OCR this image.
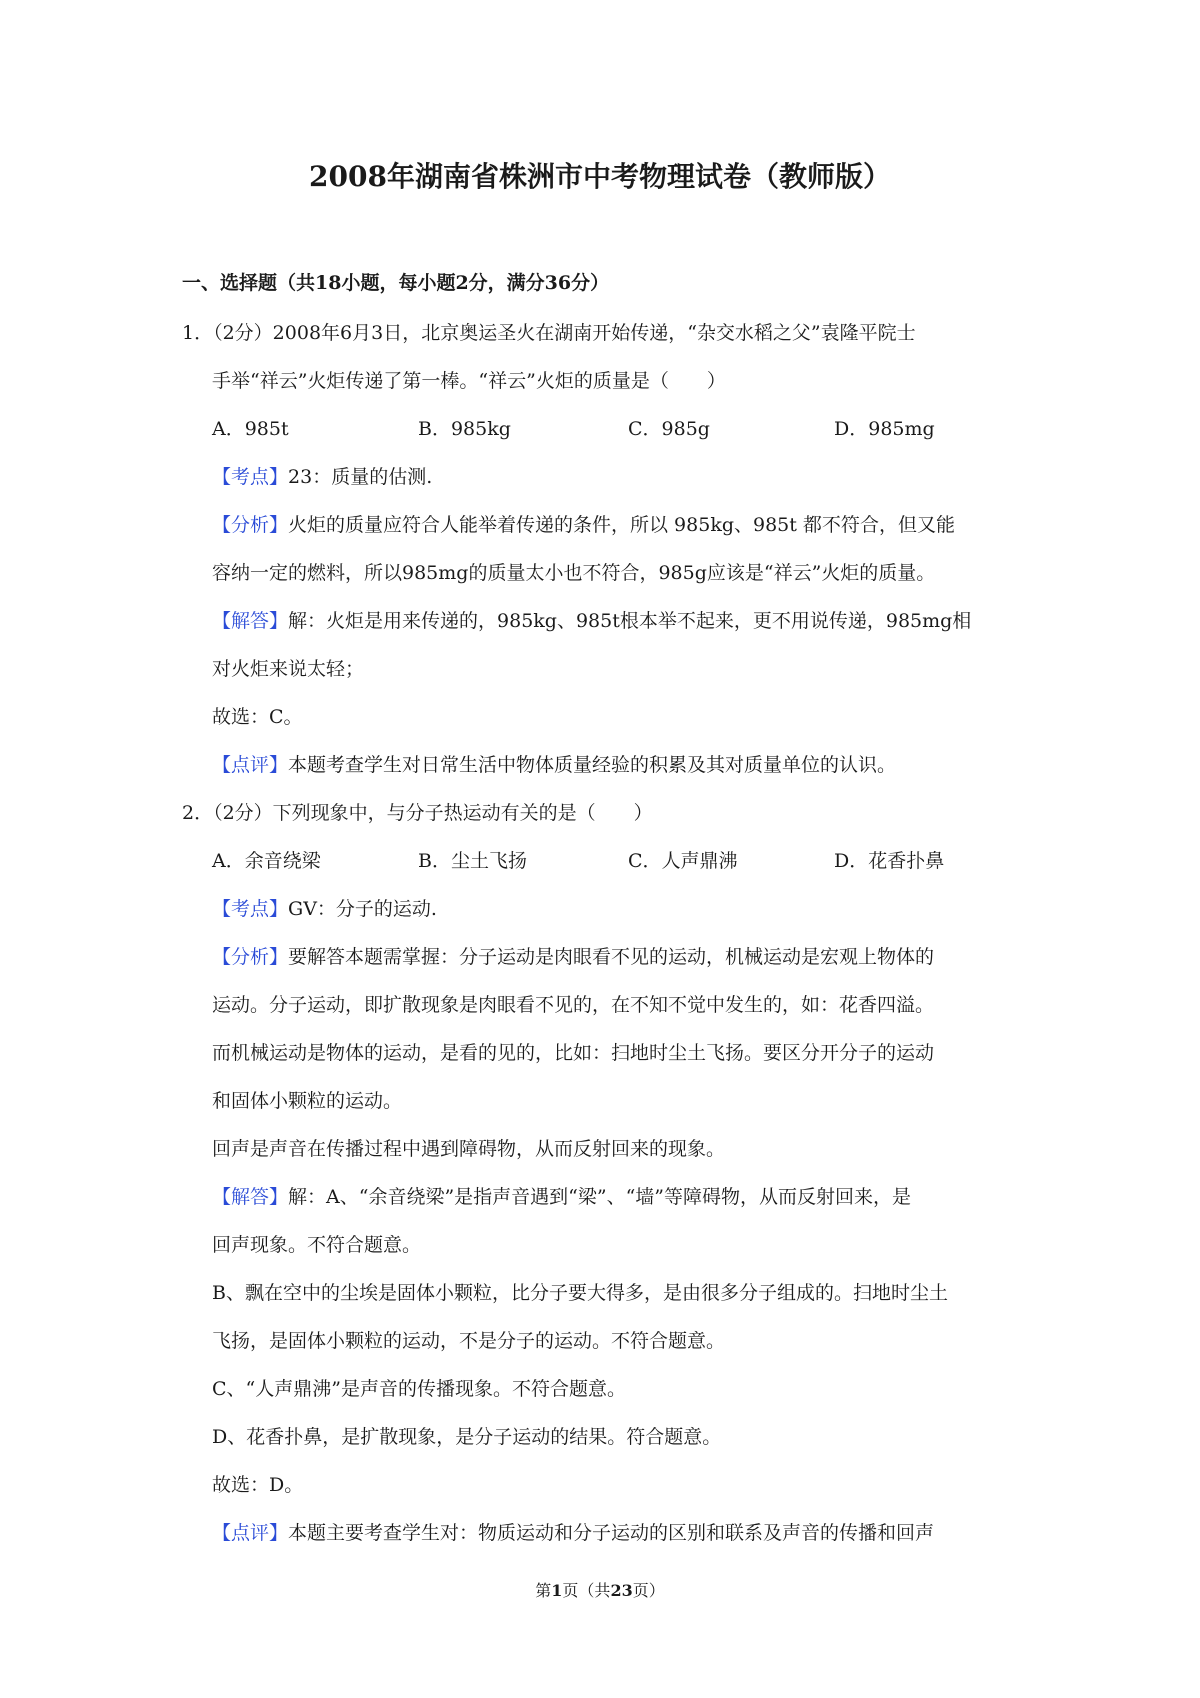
2008年湖南省株洲市中考物理试卷（教师版）
一、选择题（共18小题，每小题2分，满分36分）
1．（2分）2008年6月3日，北京奥运圣火在湖南开始传递，“杂交水稻之父”袁隆平院士
手举“祥云”火炬传递了第一棒。“祥云”火炬的质量是（　　）
A．985t	B．985kg	C．985g	D．985mg
【考点】23：质量的估测.
【分析】火炬的质量应符合人能举着传递的条件，所以 985kg、985t 都不符合，但又能
容纳一定的燃料，所以985mg的质量太小也不符合，985g应该是“祥云”火炬的质量。
【解答】解：火炬是用来传递的，985kg、985t根本举不起来，更不用说传递，985mg相
对火炬来说太轻；
故选：C。
【点评】本题考查学生对日常生活中物体质量经验的积累及其对质量单位的认识。
2．（2分）下列现象中，与分子热运动有关的是（　　）
A．余音绕梁	B．尘土飞扬	C．人声鼎沸	D．花香扑鼻
【考点】GV：分子的运动.
【分析】要解答本题需掌握：分子运动是肉眼看不见的运动，机械运动是宏观上物体的
运动。分子运动，即扩散现象是肉眼看不见的，在不知不觉中发生的，如：花香四溢。
而机械运动是物体的运动，是看的见的，比如：扫地时尘土飞扬。要区分开分子的运动
和固体小颗粒的运动。
回声是声音在传播过程中遇到障碍物，从而反射回来的现象。
【解答】解：A、“余音绕梁”是指声音遇到“梁”、“墙”等障碍物，从而反射回来，是
回声现象。不符合题意。
B、飘在空中的尘埃是固体小颗粒，比分子要大得多，是由很多分子组成的。扫地时尘土
飞扬，是固体小颗粒的运动，不是分子的运动。不符合题意。
C、“人声鼎沸”是声音的传播现象。不符合题意。
D、花香扑鼻，是扩散现象，是分子运动的结果。符合题意。
故选：D。
【点评】本题主要考查学生对：物质运动和分子运动的区别和联系及声音的传播和回声
第1页（共23页）
